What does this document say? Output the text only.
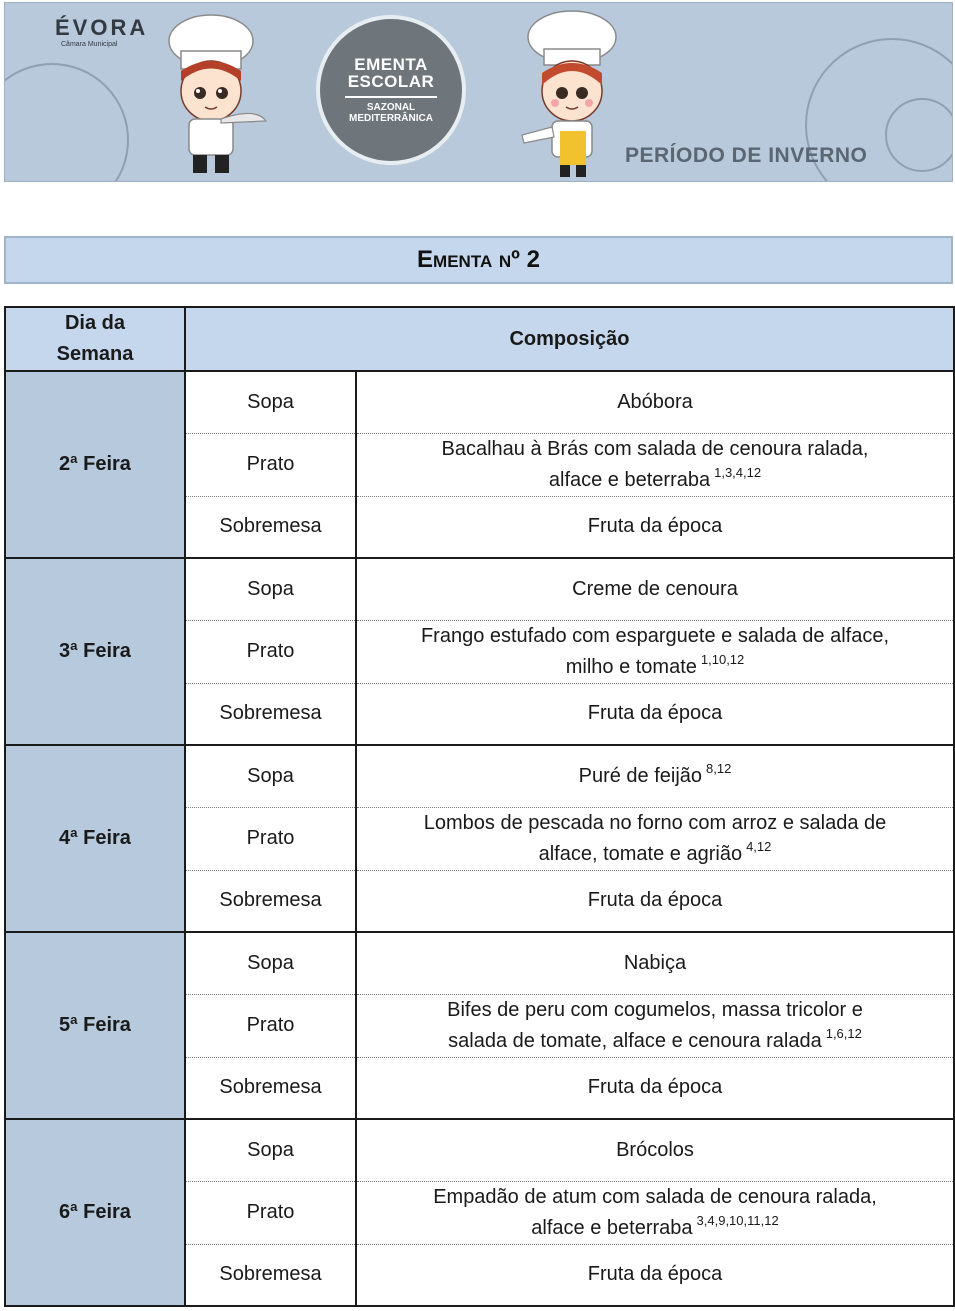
ÉVORA
Câmara Municipal
EMENTA
ESCOLAR
SAZONAL
MEDITERRÂNICA
PERÍODO DE INVERNO
Ementa nº
2
Dia da Semana	Composição	
2ª Feira	Sopa	Abóbora
	Prato	Bacalhau à Brás com salada de cenoura ralada, alface e beterraba $^{1,3,4,12}$
	Sobremesa	Fruta da época
3ª Feira	Sopa	Creme de cenoura
	Prato	Frango estufado com esparguete e salada de alface, milho e tomate $^{1,10,12}$
	Sobremesa	Fruta da época
4ª Feira	Sopa	Puré de feijão $^{8,12}$
	Prato	Lombos de pescada no forno com arroz e salada de alface, tomate e agrião $^{4,12}$
	Sobremesa	Fruta da época
5ª Feira	Sopa	Nabiça
	Prato	Bifes de peru com cogumelos, massa tricolor e salada de tomate, alface e cenoura ralada $^{1,6,12}$
	Sobremesa	Fruta da época
6ª Feira	Sopa	Brócolos
	Prato	Empadão de atum com salada de cenoura ralada, alface e beterraba $^{3,4,9,10,11,12}$
	Sobremesa	Fruta da época
